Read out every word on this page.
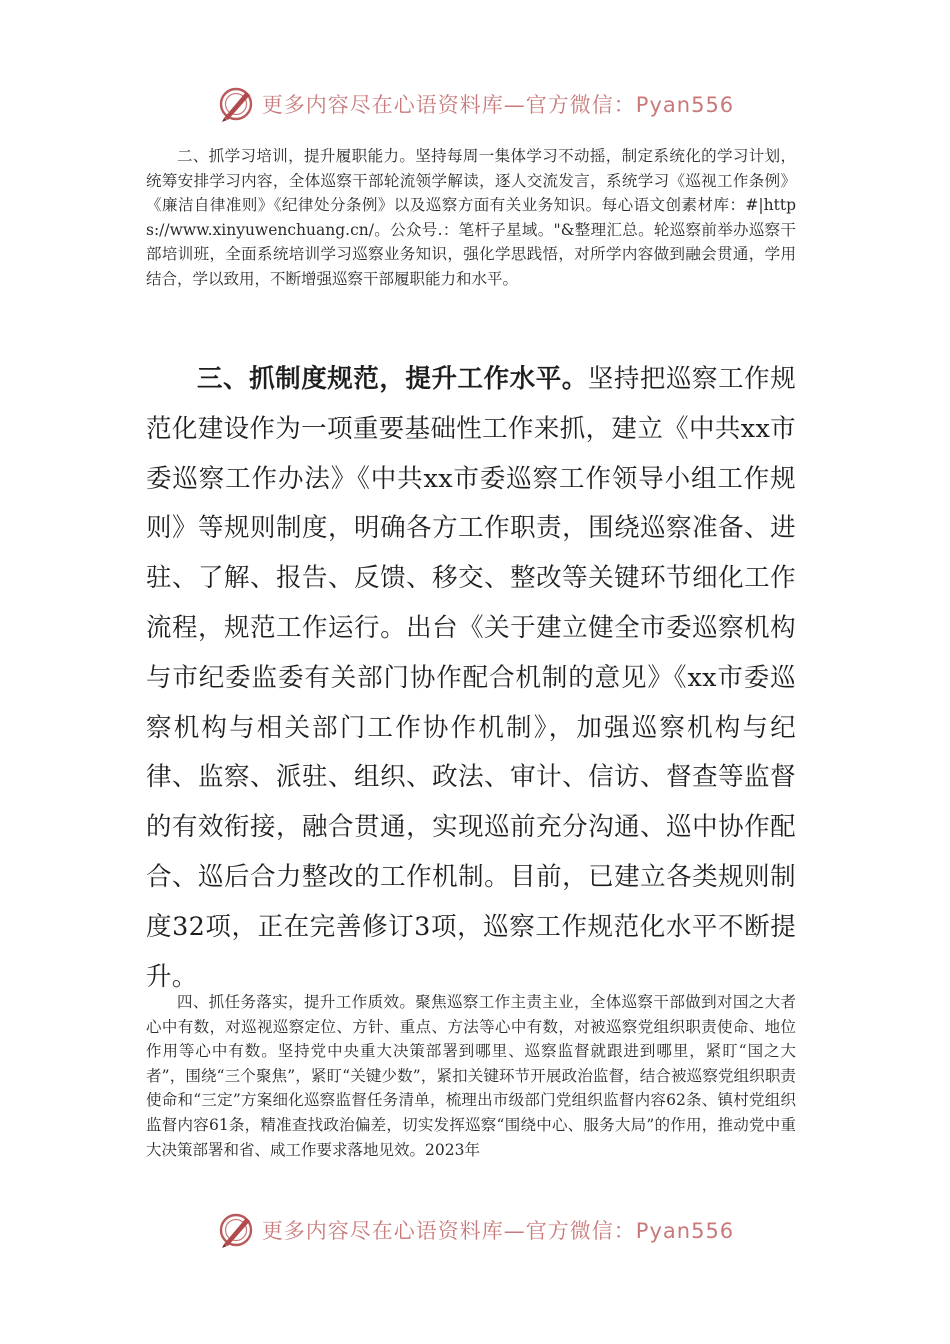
更多内容尽在心语资料库—官方微信：Pyan556

二、抓学习培训，提升履职能力。坚持每周一集体学习不动摇，制定系统化的学习计划，统筹安排学习内容，全体巡察干部轮流领学解读，逐人交流发言，系统学习《巡视工作条例》《廉洁自律准则》《纪律处分条例》以及巡察方面有关业务知识。每心语文创素材库：#|https://www.xinyuwenchuang.cn/。公众号.：笔杆子星域。"&整理汇总。轮巡察前举办巡察干部培训班，全面系统培训学习巡察业务知识，强化学思践悟，对所学内容做到融会贯通，学用结合，学以致用，不断增强巡察干部履职能力和水平。

三、抓制度规范，提升工作水平。坚持把巡察工作规范化建设作为一项重要基础性工作来抓，建立《中共xx市委巡察工作办法》《中共xx市委巡察工作领导小组工作规则》等规则制度，明确各方工作职责，围绕巡察准备、进驻、了解、报告、反馈、移交、整改等关键环节细化工作流程，规范工作运行。出台《关于建立健全市委巡察机构与市纪委监委有关部门协作配合机制的意见》《xx市委巡察机构与相关部门工作协作机制》，加强巡察机构与纪律、监察、派驻、组织、政法、审计、信访、督查等监督的有效衔接，融合贯通，实现巡前充分沟通、巡中协作配合、巡后合力整改的工作机制。目前，已建立各类规则制度32项，正在完善修订3项，巡察工作规范化水平不断提升。

四、抓任务落实，提升工作质效。聚焦巡察工作主责主业，全体巡察干部做到对国之大者心中有数，对巡视巡察定位、方针、重点、方法等心中有数，对被巡察党组织职责使命、地位作用等心中有数。坚持党中央重大决策部署到哪里、巡察监督就跟进到哪里，紧盯“国之大者”，围绕“三个聚焦”，紧盯“关键少数”，紧扣关键环节开展政治监督，结合被巡察党组织职责使命和“三定”方案细化巡察监督任务清单，梳理出市级部门党组织监督内容62条、镇村党组织监督内容61条，精准查找政治偏差，切实发挥巡察“围绕中心、服务大局”的作用，推动党中重大决策部署和省、咸工作要求落地见效。2023年

更多内容尽在心语资料库—官方微信：Pyan556
